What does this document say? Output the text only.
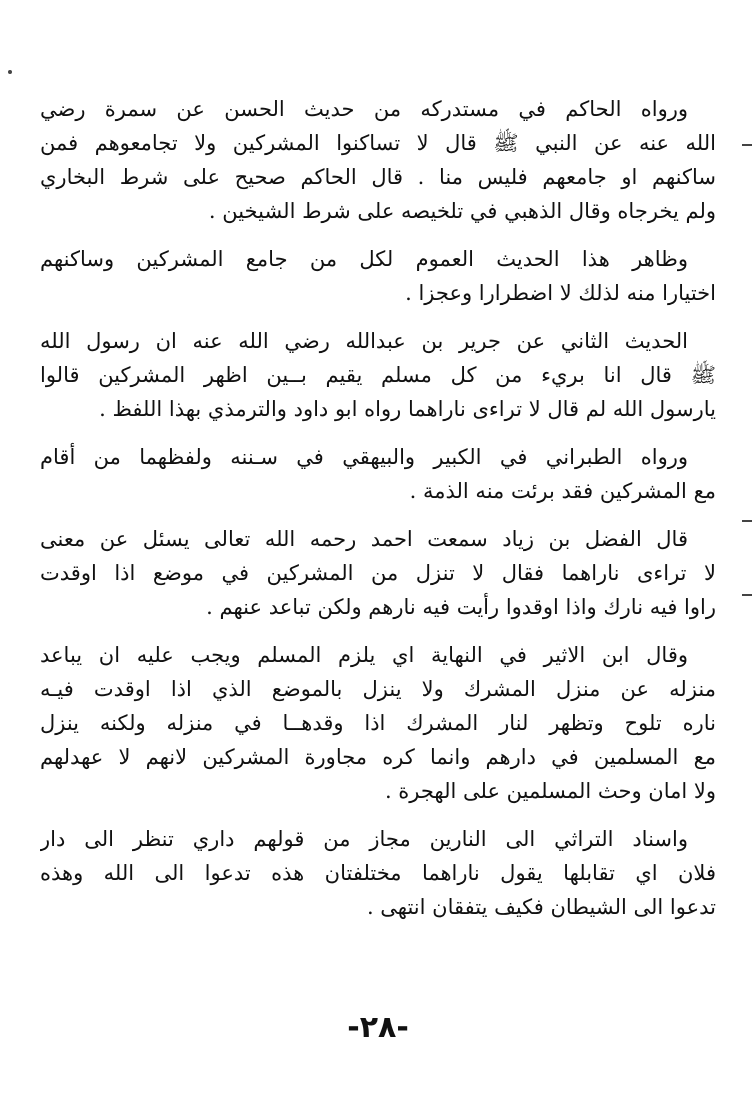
ورواه الحاكم في مستدركه من حديث الحسن عن سمرة رضي
الله عنه عن النبي ﷺ قال لا تساكنوا المشركين ولا تجامعوهم فمن
ساكنهم او جامعهم فليس منا . قال الحاكم صحيح على شرط البخاري
ولم يخرجاه وقال الذهبي في تلخيصه على شرط الشيخين .
وظاهر هذا الحديث العموم لكل من جامع المشركين وساكنهم
اختيارا منه لذلك لا اضطرارا وعجزا .
الحديث الثاني عن جرير بن عبدالله رضي الله عنه ان رسول الله
ﷺ قال انا بريء من كل مسلم يقيم بــين اظهر المشركين قالوا
يارسول الله لم قال لا تراءى ناراهما رواه ابو داود والترمذي بهذا اللفظ .
ورواه الطبراني في الكبير والبيهقي في سـننه ولفظهما من أقام
مع المشركين فقد برئت منه الذمة .
قال الفضل بن زياد سمعت احمد رحمه الله تعالى يسئل عن معنى
لا تراءى ناراهما فقال لا تنزل من المشركين في موضع اذا اوقدت
راوا فيه نارك واذا اوقدوا رأيت فيه نارهم ولكن تباعد عنهم .
وقال ابن الاثير في النهاية اي يلزم المسلم ويجب عليه ان يباعد
منزله عن منزل المشرك ولا ينزل بالموضع الذي اذا اوقدت فيـه
ناره تلوح وتظهر لنار المشرك اذا وقدهــا في منزله ولكنه ينزل
مع المسلمين في دارهم وانما كره مجاورة المشركين لانهم لا عهدلهم
ولا امان وحث المسلمين على الهجرة .
واسناد التراثي الى النارين مجاز من قولهم داري تنظر الى دار
فلان اي تقابلها يقول ناراهما مختلفتان هذه تدعوا الى الله وهذه
تدعوا الى الشيطان فكيف يتفقان انتهى .
-٢٨-
